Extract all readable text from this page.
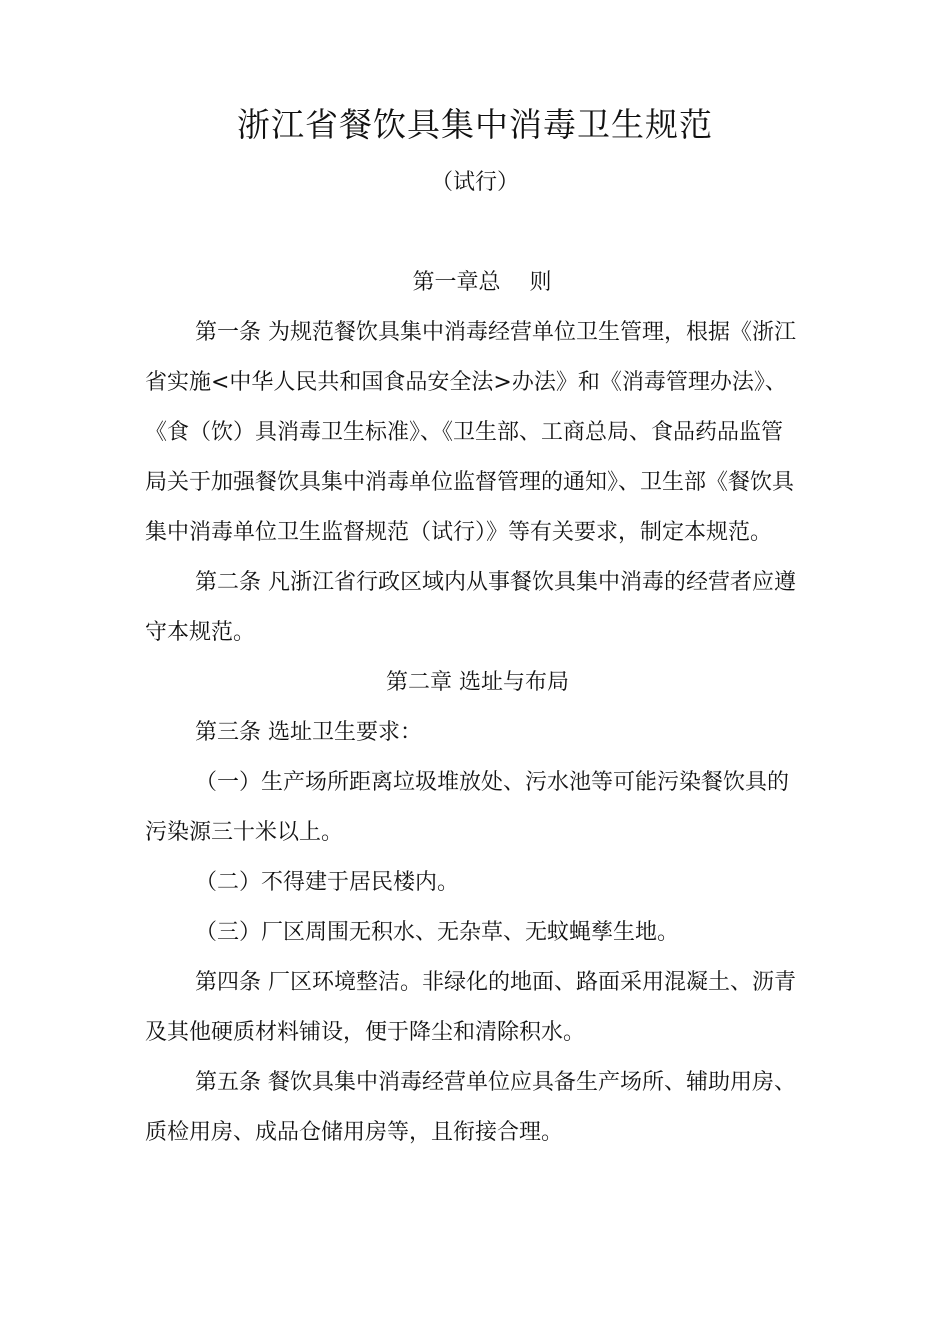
浙江省餐饮具集中消毒卫生规范
（试行）
第一章总　 则
第一条 为规范餐饮具集中消毒经营单位卫生管理，根据《浙江
省实施<中华人民共和国食品安全法>办法》和《消毒管理办法》、
《食（饮）具消毒卫生标准》、《卫生部、工商总局、食品药品监管
局关于加强餐饮具集中消毒单位监督管理的通知》、卫生部《餐饮具
集中消毒单位卫生监督规范（试行）》等有关要求，制定本规范。
第二条 凡浙江省行政区域内从事餐饮具集中消毒的经营者应遵
守本规范。
第二章 选址与布局
第三条 选址卫生要求：
（一）生产场所距离垃圾堆放处、污水池等可能污染餐饮具的
污染源三十米以上。
（二）不得建于居民楼内。
（三）厂区周围无积水、无杂草、无蚊蝇孳生地。
第四条 厂区环境整洁。非绿化的地面、路面采用混凝土、沥青
及其他硬质材料铺设，便于降尘和清除积水。
第五条 餐饮具集中消毒经营单位应具备生产场所、辅助用房、
质检用房、成品仓储用房等，且衔接合理。
